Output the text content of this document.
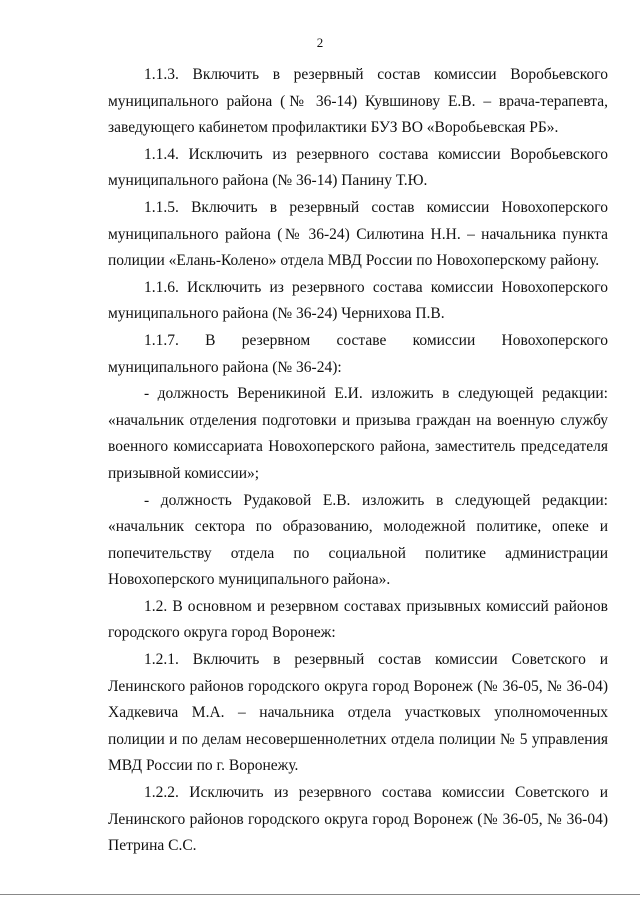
2

1.1.3. Включить в резервный состав комиссии Воробьевского муниципального района (№ 36-14) Кувшинову Е.В. – врача-терапевта, заведующего кабинетом профилактики БУЗ ВО «Воробьевская РБ».

1.1.4. Исключить из резервного состава комиссии Воробьевского муниципального района (№ 36-14) Панину Т.Ю.

1.1.5. Включить в резервный состав комиссии Новохоперского муниципального района (№ 36-24) Силютина Н.Н. – начальника пункта полиции «Елань-Колено» отдела МВД России по Новохоперскому району.

1.1.6. Исключить из резервного состава комиссии Новохоперского муниципального района (№ 36-24) Чернихова П.В.

1.1.7. В резервном составе комиссии Новохоперского муниципального района (№ 36-24):

- должность Вереникиной Е.И. изложить в следующей редакции: «начальник отделения подготовки и призыва граждан на военную службу военного комиссариата Новохоперского района, заместитель председателя призывной комиссии»;

- должность Рудаковой Е.В. изложить в следующей редакции: «начальник сектора по образованию, молодежной политике, опеке и попечительству отдела по социальной политике администрации Новохоперского муниципального района».

1.2. В основном и резервном составах призывных комиссий районов городского округа город Воронеж:

1.2.1. Включить в резервный состав комиссии Советского и Ленинского районов городского округа город Воронеж (№ 36-05, № 36-04) Хадкевича М.А. – начальника отдела участковых уполномоченных полиции и по делам несовершеннолетних отдела полиции № 5 управления МВД России по г. Воронежу.

1.2.2. Исключить из резервного состава комиссии Советского и Ленинского районов городского округа город Воронеж (№ 36-05, № 36-04) Петрина С.С.
